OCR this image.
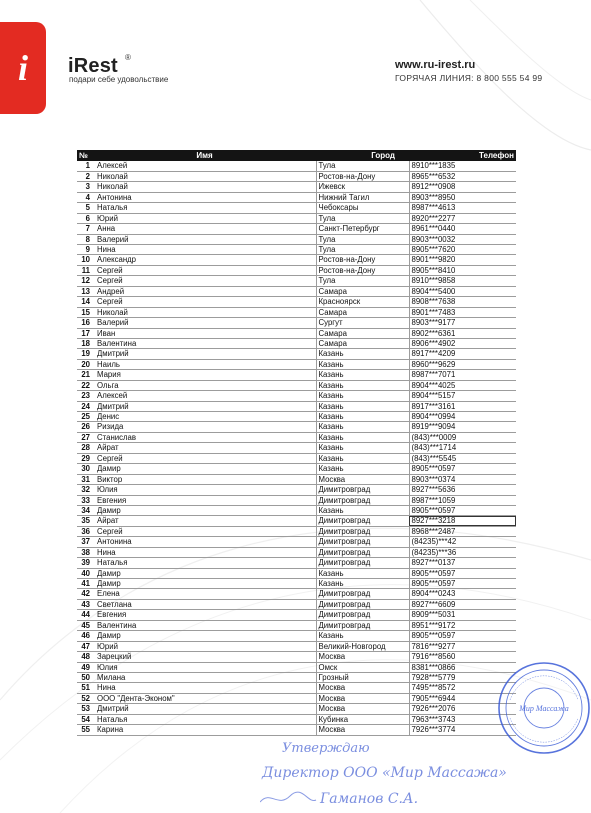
i iRest ®
подари себе удовольствие
www.ru-irest.ru
ГОРЯЧАЯ ЛИНИЯ: 8 800 555 54 99
№	Имя	Город	Телефон
1	Алексей	Тула	8910***1835
2	Николай	Ростов-на-Дону	8965***6532
3	Николай	Ижевск	8912***0908
4	Антонина	Нижний Тагил	8903***8950
5	Наталья	Чебоксары	8987***4613
6	Юрий	Тула	8920***2277
7	Анна	Санкт-Петербург	8961***0440
8	Валерий	Тула	8903***0032
9	Нина	Тула	8905***7620
10	Александр	Ростов-на-Дону	8901***9820
11	Сергей	Ростов-на-Дону	8905***8410
12	Сергей	Тула	8910***9858
13	Андрей	Самара	8904***5400
14	Сергей	Красноярск	8908***7638
15	Николай	Самара	8901***7483
16	Валерий	Сургут	8903***9177
17	Иван	Самара	8902***6361
18	Валентина	Самара	8906***4902
19	Дмитрий	Казань	8917***4209
20	Наиль	Казань	8960***9629
21	Мария	Казань	8987***7071
22	Ольга	Казань	8904***4025
23	Алексей	Казань	8904***5157
24	Дмитрий	Казань	8917***3161
25	Денис	Казань	8904***0994
26	Ризида	Казань	8919***9094
27	Станислав	Казань	(843)***0009
28	Айрат	Казань	(843)***1714
29	Сергей	Казань	(843)***5545
30	Дамир	Казань	8905***0597
31	Виктор	Москва	8903***0374
32	Юлия	Димитровград	8927***5636
33	Евгения	Димитровград	8987***1059
34	Дамир	Казань	8905***0597
35	Айрат	Димитровград	8927***3218
36	Сергей	Димитровград	8968***2487
37	Антонина	Димитровград	(84235)***42
38	Нина	Димитровград	(84235)***36
39	Наталья	Димитровград	8927***0137
40	Дамир	Казань	8905***0597
41	Дамир	Казань	8905***0597
42	Елена	Димитровград	8904***0243
43	Светлана	Димитровград	8927***6609
44	Евгения	Димитровград	8909***5031
45	Валентина	Димитровград	8951***9172
46	Дамир	Казань	8905***0597
47	Юрий	Великий-Новгород	7816***9277
48	Зарецкий	Москва	7916***8560
49	Юлия	Омск	8381***0866
50	Милана	Грозный	7928***5779
51	Нина	Москва	7495***8572
52	ООО "Дента-Эконом"	Москва	7905***6944
53	Дмитрий	Москва	7926***2076
54	Наталья	Кубинка	7963***3743
55	Карина	Москва	7926***3774
Мир Массажа
Утверждаю
Директор ООО «Мир Массажа»
Гаманов С.А.
